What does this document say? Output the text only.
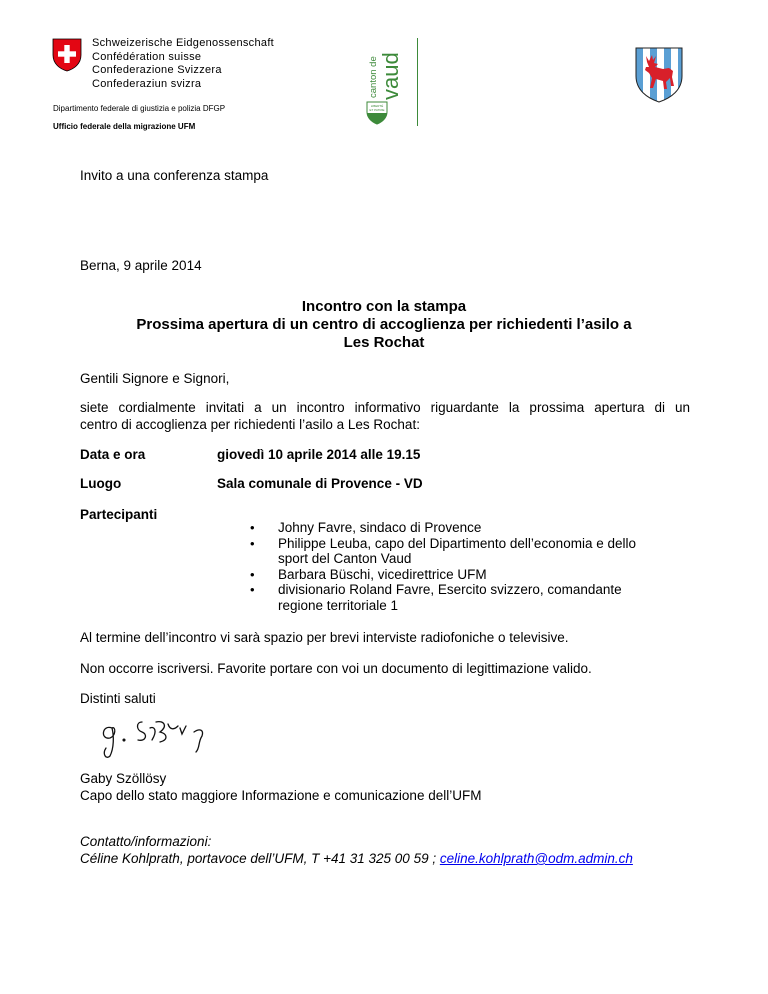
Schweizerische Eidgenossenschaft
Confédération suisse
Confederazione Svizzera
Confederaziun svizra
Dipartimento federale di giustizia e polizia DFGP
Ufficio federale della migrazione UFM
canton de vaud
LIBERTÉ
ET PATRIE
Invito a una conferenza stampa
Berna, 9 aprile 2014
Incontro con la stampa
Prossima apertura di un centro di accoglienza per richiedenti l’asilo a
Les Rochat
Gentili Signore e Signori,
siete cordialmente invitati a un incontro informativo riguardante la prossima apertura di un
centro di accoglienza per richiedenti l’asilo a Les Rochat:
Data e ora	giovedì 10 aprile 2014 alle 19.15
Luogo	Sala comunale di Provence - VD
Partecipanti
• Johny Favre, sindaco di Provence
• Philippe Leuba, capo del Dipartimento dell’economia e dello
sport del Canton Vaud
• Barbara Büschi, vicedirettrice UFM
• divisionario Roland Favre, Esercito svizzero, comandante
regione territoriale 1
Al termine dell’incontro vi sarà spazio per brevi interviste radiofoniche o televisive.
Non occorre iscriversi. Favorite portare con voi un documento di legittimazione valido.
Distinti saluti
Gaby Szöllösy
Capo dello stato maggiore Informazione e comunicazione dell’UFM
Contatto/informazioni:
Céline Kohlprath, portavoce dell’UFM, T +41 31 325 00 59 ; celine.kohlprath@odm.admin.ch
